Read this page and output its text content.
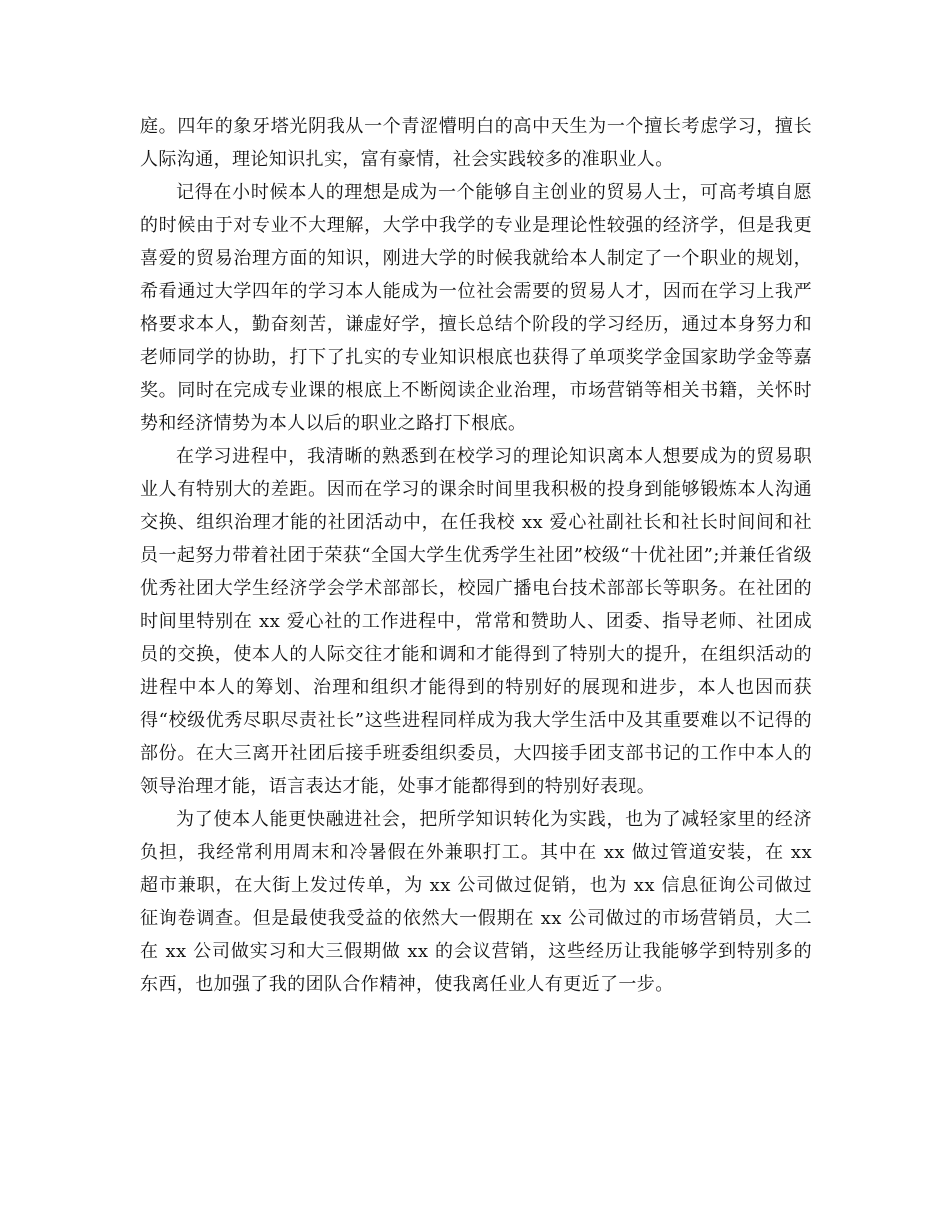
庭。四年的象牙塔光阴我从一个青涩懵明白的高中天生为一个擅长考虑学习，擅长人际沟通，理论知识扎实，富有豪情，社会实践较多的准职业人。

记得在小时候本人的理想是成为一个能够自主创业的贸易人士，可高考填自愿的时候由于对专业不大理解，大学中我学的专业是理论性较强的经济学，但是我更喜爱的贸易治理方面的知识，刚进大学的时候我就给本人制定了一个职业的规划，希看通过大学四年的学习本人能成为一位社会需要的贸易人才，因而在学习上我严格要求本人，勤奋刻苦，谦虚好学，擅长总结个阶段的学习经历，通过本身努力和老师同学的协助，打下了扎实的专业知识根底也获得了单项奖学金国家助学金等嘉奖。同时在完成专业课的根底上不断阅读企业治理，市场营销等相关书籍，关怀时势和经济情势为本人以后的职业之路打下根底。

在学习进程中，我清晰的熟悉到在校学习的理论知识离本人想要成为的贸易职业人有特别大的差距。因而在学习的课余时间里我积极的投身到能够锻炼本人沟通交换、组织治理才能的社团活动中，在任我校 xx 爱心社副社长和社长时间间和社员一起努力带着社团于荣获“全国大学生优秀学生社团”校级“十优社团”;并兼任省级优秀社团大学生经济学会学术部部长，校园广播电台技术部部长等职务。在社团的时间里特别在 xx 爱心社的工作进程中，常常和赞助人、团委、指导老师、社团成员的交换，使本人的人际交往才能和调和才能得到了特别大的提升，在组织活动的进程中本人的筹划、治理和组织才能得到的特别好的展现和进步，本人也因而获得“校级优秀尽职尽责社长”这些进程同样成为我大学生活中及其重要难以不记得的部份。在大三离开社团后接手班委组织委员，大四接手团支部书记的工作中本人的领导治理才能，语言表达才能，处事才能都得到的特别好表现。

为了使本人能更快融进社会，把所学知识转化为实践，也为了减轻家里的经济负担，我经常利用周末和冷暑假在外兼职打工。其中在 xx 做过管道安装，在 xx 超市兼职，在大街上发过传单，为 xx 公司做过促销，也为 xx 信息征询公司做过征询卷调查。但是最使我受益的依然大一假期在 xx 公司做过的市场营销员，大二在 xx 公司做实习和大三假期做 xx 的会议营销，这些经历让我能够学到特别多的东西，也加强了我的团队合作精神，使我离任业人有更近了一步。
